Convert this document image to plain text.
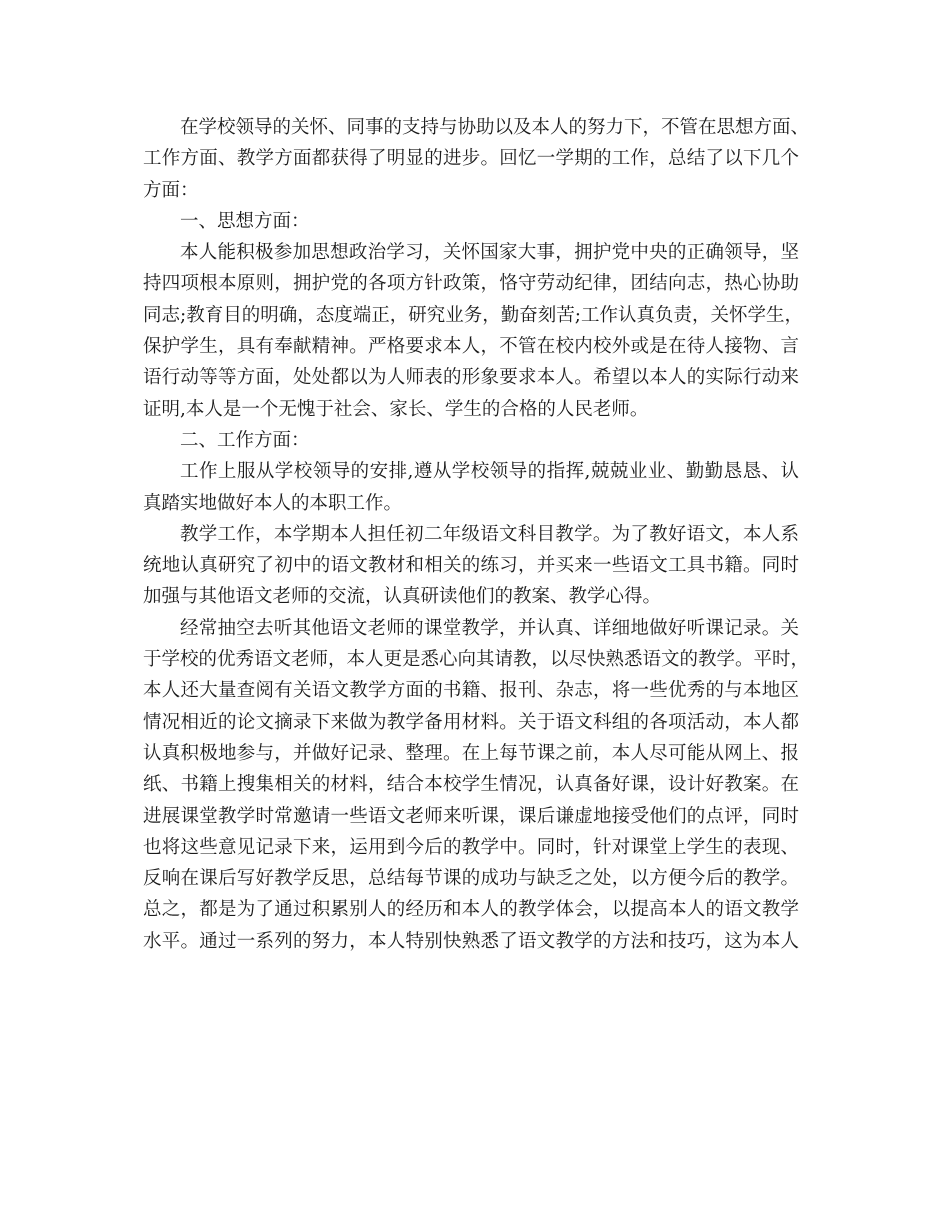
在学校领导的关怀、同事的支持与协助以及本人的努力下，不管在思想方面、
工作方面、教学方面都获得了明显的进步。回忆一学期的工作，总结了以下几个
方面：
一、思想方面：
本人能积极参加思想政治学习，关怀国家大事，拥护党中央的正确领导，坚
持四项根本原则，拥护党的各项方针政策，恪守劳动纪律，团结向志，热心协助
同志;教育目的明确，态度端正，研究业务，勤奋刻苦;工作认真负责，关怀学生，
保护学生，具有奉献精神。严格要求本人，不管在校内校外或是在待人接物、言
语行动等等方面，处处都以为人师表的形象要求本人。希望以本人的实际行动来
证明,本人是一个无愧于社会、家长、学生的合格的人民老师。
二、工作方面：
工作上服从学校领导的安排,遵从学校领导的指挥,兢兢业业、勤勤恳恳、认
真踏实地做好本人的本职工作。
教学工作，本学期本人担任初二年级语文科目教学。为了教好语文，本人系
统地认真研究了初中的语文教材和相关的练习，并买来一些语文工具书籍。同时
加强与其他语文老师的交流，认真研读他们的教案、教学心得。
经常抽空去听其他语文老师的课堂教学，并认真、详细地做好听课记录。关
于学校的优秀语文老师，本人更是悉心向其请教，以尽快熟悉语文的教学。平时，
本人还大量查阅有关语文教学方面的书籍、报刊、杂志，将一些优秀的与本地区
情况相近的论文摘录下来做为教学备用材料。关于语文科组的各项活动，本人都
认真积极地参与，并做好记录、整理。在上每节课之前，本人尽可能从网上、报
纸、书籍上搜集相关的材料，结合本校学生情况，认真备好课，设计好教案。在
进展课堂教学时常邀请一些语文老师来听课，课后谦虚地接受他们的点评，同时
也将这些意见记录下来，运用到今后的教学中。同时，针对课堂上学生的表现、
反响在课后写好教学反思，总结每节课的成功与缺乏之处，以方便今后的教学。
总之，都是为了通过积累别人的经历和本人的教学体会，以提高本人的语文教学
水平。通过一系列的努力，本人特别快熟悉了语文教学的方法和技巧，这为本人
